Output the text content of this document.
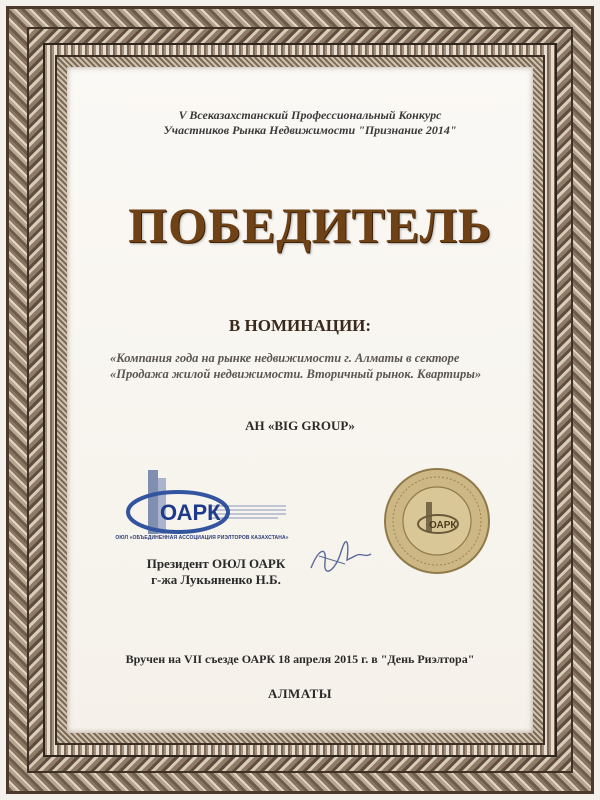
V Всеказахстанский Профессиональный Конкурс
Участников Рынка Недвижимости "Признание 2014"
ПОБЕДИТЕЛЬ
В НОМИНАЦИИ:
«Компания года на рынке недвижимости г. Алматы в секторе «Продажа жилой недвижимости. Вторичный рынок. Квартиры»
АН «BIG GROUP»
ОАРК
ОЮЛ «ОБЪЕДИНЕННАЯ АССОЦИАЦИЯ РИЭЛТОРОВ КАЗАХСТАНА»
Президент ОЮЛ ОАРК
г-жа Лукьяненко Н.Б.
ОАРК
Вручен на VII съезде ОАРК 18 апреля 2015 г. в "День Риэлтора"
АЛМАТЫ
